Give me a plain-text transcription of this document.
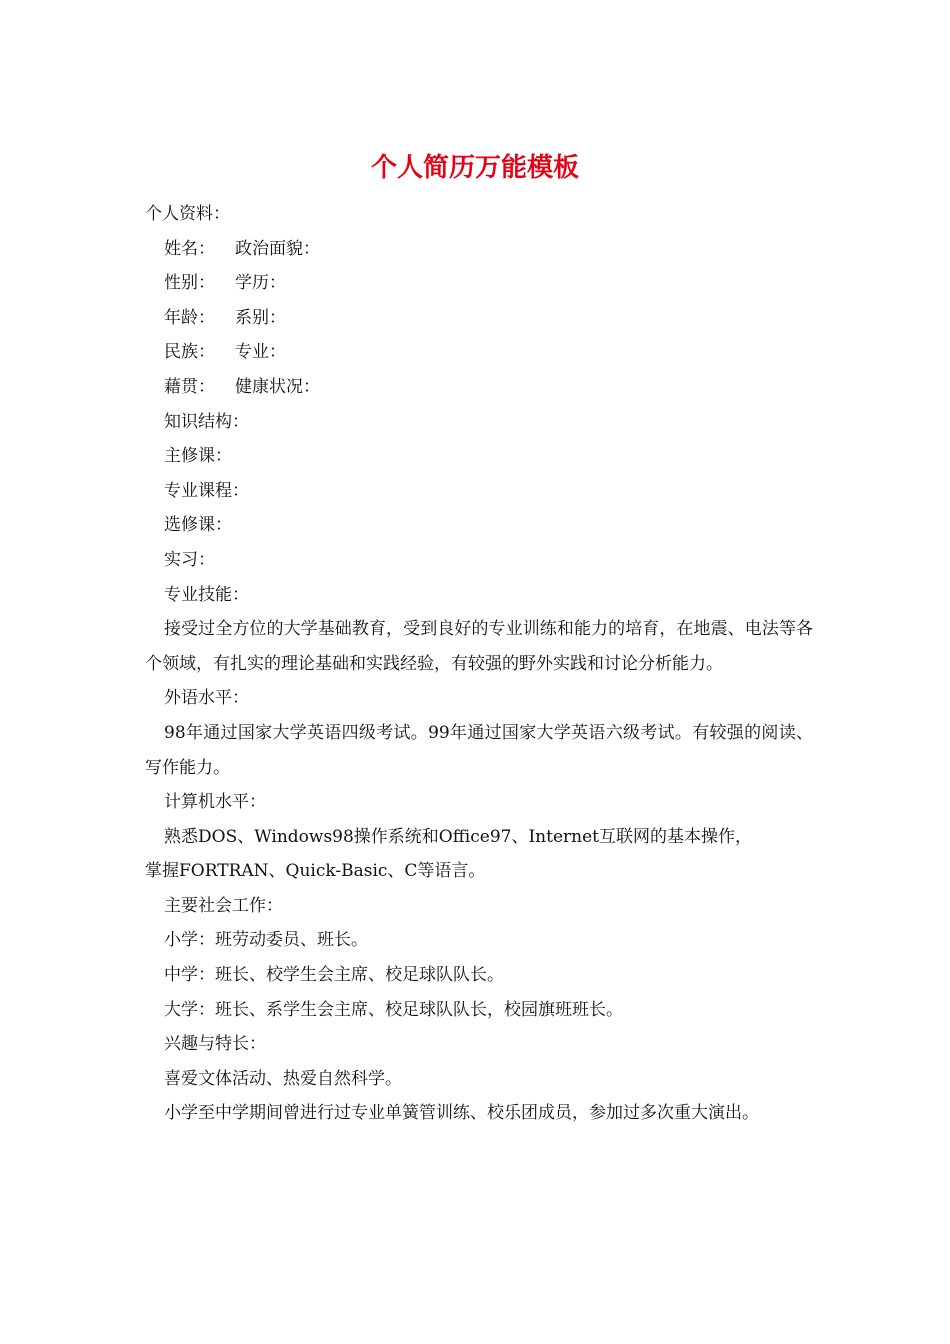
个人简历万能模板

个人资料：

姓名： 政治面貌：

性别： 学历：

年龄： 系别：

民族： 专业：

藉贯： 健康状况：

知识结构：

主修课：

专业课程：

选修课：

实习：

专业技能：

接受过全方位的大学基础教育，受到良好的专业训练和能力的培育，在地震、电法等各个领域，有扎实的理论基础和实践经验，有较强的野外实践和讨论分析能力。

外语水平：

98年通过国家大学英语四级考试。99年通过国家大学英语六级考试。有较强的阅读、写作能力。

计算机水平：

熟悉DOS、Windows98操作系统和Office97、Internet互联网的基本操作，

掌握FORTRAN、Quick-Basic、C等语言。

主要社会工作：

小学：班劳动委员、班长。

中学：班长、校学生会主席、校足球队队长。

大学：班长、系学生会主席、校足球队队长，校园旗班班长。

兴趣与特长：

喜爱文体活动、热爱自然科学。

小学至中学期间曾进行过专业单簧管训练、校乐团成员，参加过多次重大演出。
